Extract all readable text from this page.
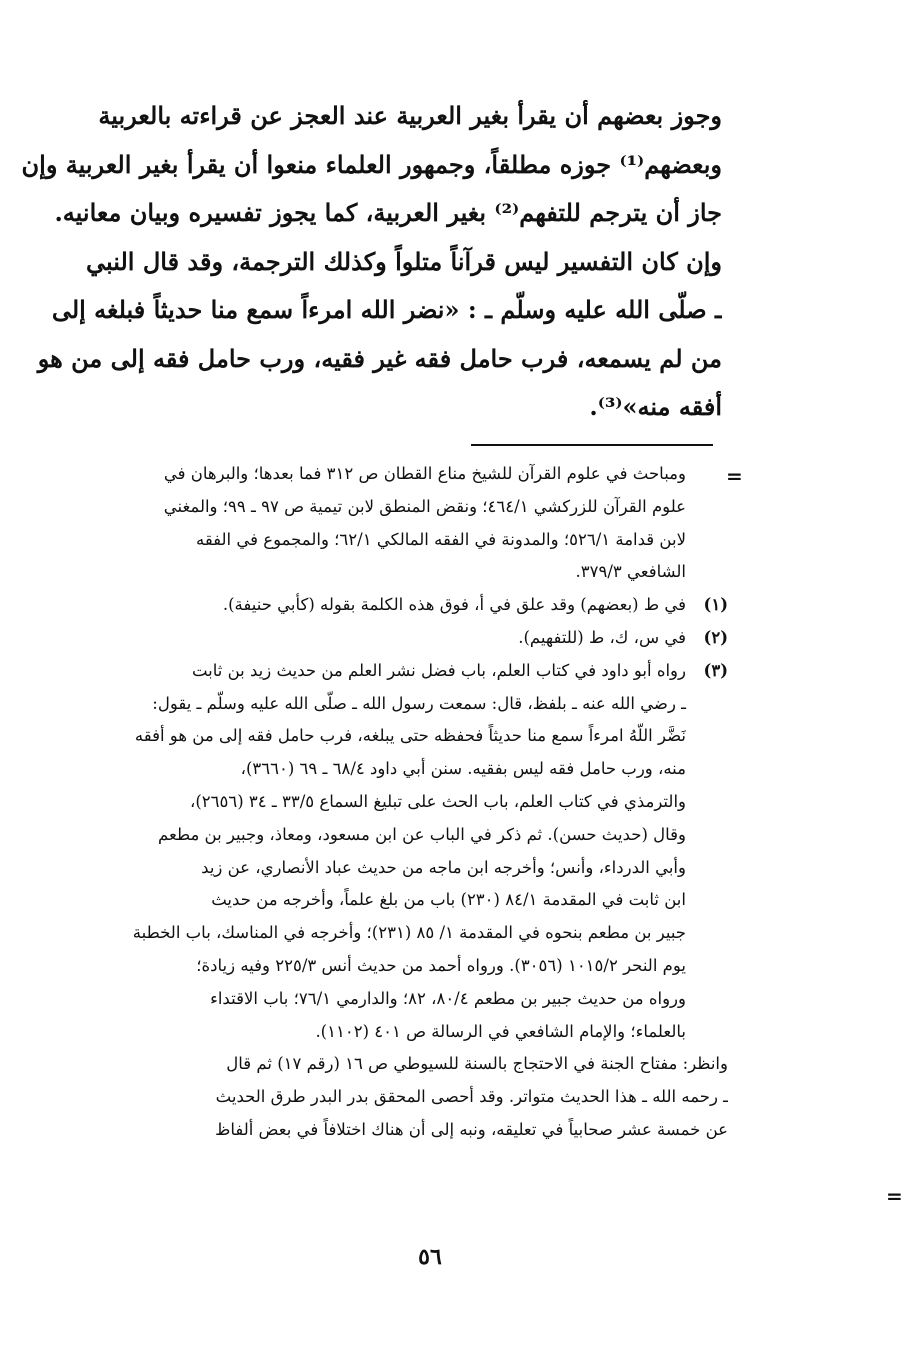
وجوز بعضهم أن يقرأ بغير العربية عند العجز عن قراءته بالعربية
وبعضهم⁽¹⁾ جوزه مطلقاً، وجمهور العلماء منعوا أن يقرأ بغير العربية وإن
جاز أن يترجم للتفهم⁽²⁾ بغير العربية، كما يجوز تفسيره وبيان معانيه.
وإن كان التفسير ليس قرآناً متلواً وكذلك الترجمة، وقد قال النبي
ـ صلّى الله عليه وسلّم ـ : «نضر الله امرءاً سمع منا حديثاً فبلغه إلى
من لم يسمعه، فرب حامل فقه غير فقيه، ورب حامل فقه إلى من هو
أفقه منه»⁽³⁾.
=
=
ومباحث في علوم القرآن للشيخ مناع القطان ص ٣١٢ فما بعدها؛ والبرهان في
علوم القرآن للزركشي ٤٦٤/١؛ ونقض المنطق لابن تيمية ص ٩٧ ـ ٩٩؛ والمغني
لابن قدامة ٥٢٦/١؛ والمدونة في الفقه المالكي ٦٢/١؛ والمجموع في الفقه
الشافعي ٣٧٩/٣.
(١)
في ط (بعضهم) وقد علق في أ، فوق هذه الكلمة بقوله (كأبي حنيفة).
(٢)
في س، ك، ط (للتفهيم).
(٣)
رواه أبو داود في كتاب العلم، باب فضل نشر العلم من حديث زيد بن ثابت
ـ رضي الله عنه ـ بلفظ، قال: سمعت رسول الله ـ صلّى الله عليه وسلّم ـ يقول:
نَضَّر اللّهُ امرءاً سمع منا حديثاً فحفظه حتى يبلغه، فرب حامل فقه إلى من هو أفقه
منه، ورب حامل فقه ليس بفقيه. سنن أبي داود ٦٨/٤ ـ ٦٩ (٣٦٦٠)،
والترمذي في كتاب العلم، باب الحث على تبليغ السماع ٣٣/٥ ـ ٣٤ (٢٦٥٦)،
وقال (حديث حسن). ثم ذكر في الباب عن ابن مسعود، ومعاذ، وجبير بن مطعم
وأبي الدرداء، وأنس؛ وأخرجه ابن ماجه من حديث عباد الأنصاري، عن زيد
ابن ثابت في المقدمة ٨٤/١ (٢٣٠) باب من بلغ علماً، وأخرجه من حديث
جبير بن مطعم بنحوه في المقدمة ١/ ٨٥ (٢٣١)؛ وأخرجه في المناسك، باب الخطبة
يوم النحر ١٠١٥/٢ (٣٠٥٦). ورواه أحمد من حديث أنس ٢٢٥/٣ وفيه زيادة؛
ورواه من حديث جبير بن مطعم ٨٠/٤، ٨٢؛ والدارمي ٧٦/١؛ باب الاقتداء
بالعلماء؛ والإمام الشافعي في الرسالة ص ٤٠١ (١١٠٢).
وانظر: مفتاح الجنة في الاحتجاج بالسنة للسيوطي ص ١٦ (رقم ١٧) ثم قال
ـ رحمه الله ـ هذا الحديث متواتر. وقد أحصى المحقق بدر البدر طرق الحديث
عن خمسة عشر صحابياً في تعليقه، ونبه إلى أن هناك اختلافاً في بعض ألفاظ
٥٦
